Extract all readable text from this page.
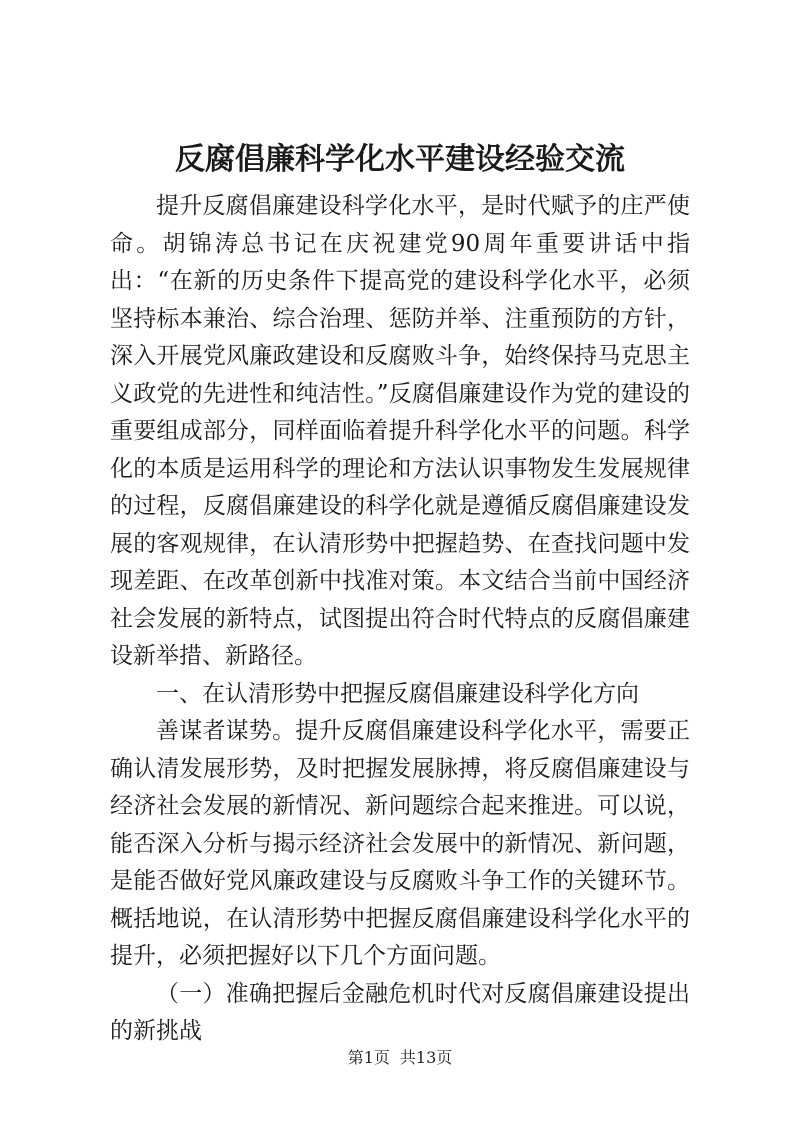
反腐倡廉科学化水平建设经验交流

提升反腐倡廉建设科学化水平，是时代赋予的庄严使命。胡锦涛总书记在庆祝建党90周年重要讲话中指出：“在新的历史条件下提高党的建设科学化水平，必须坚持标本兼治、综合治理、惩防并举、注重预防的方针，深入开展党风廉政建设和反腐败斗争，始终保持马克思主义政党的先进性和纯洁性。”反腐倡廉建设作为党的建设的重要组成部分，同样面临着提升科学化水平的问题。科学化的本质是运用科学的理论和方法认识事物发生发展规律的过程，反腐倡廉建设的科学化就是遵循反腐倡廉建设发展的客观规律，在认清形势中把握趋势、在查找问题中发现差距、在改革创新中找准对策。本文结合当前中国经济社会发展的新特点，试图提出符合时代特点的反腐倡廉建设新举措、新路径。

一、在认清形势中把握反腐倡廉建设科学化方向

善谋者谋势。提升反腐倡廉建设科学化水平，需要正确认清发展形势，及时把握发展脉搏，将反腐倡廉建设与经济社会发展的新情况、新问题综合起来推进。可以说，能否深入分析与揭示经济社会发展中的新情况、新问题，是能否做好党风廉政建设与反腐败斗争工作的关键环节。概括地说，在认清形势中把握反腐倡廉建设科学化水平的提升，必须把握好以下几个方面问题。

（一）准确把握后金融危机时代对反腐倡廉建设提出的新挑战

第1页 共13页
